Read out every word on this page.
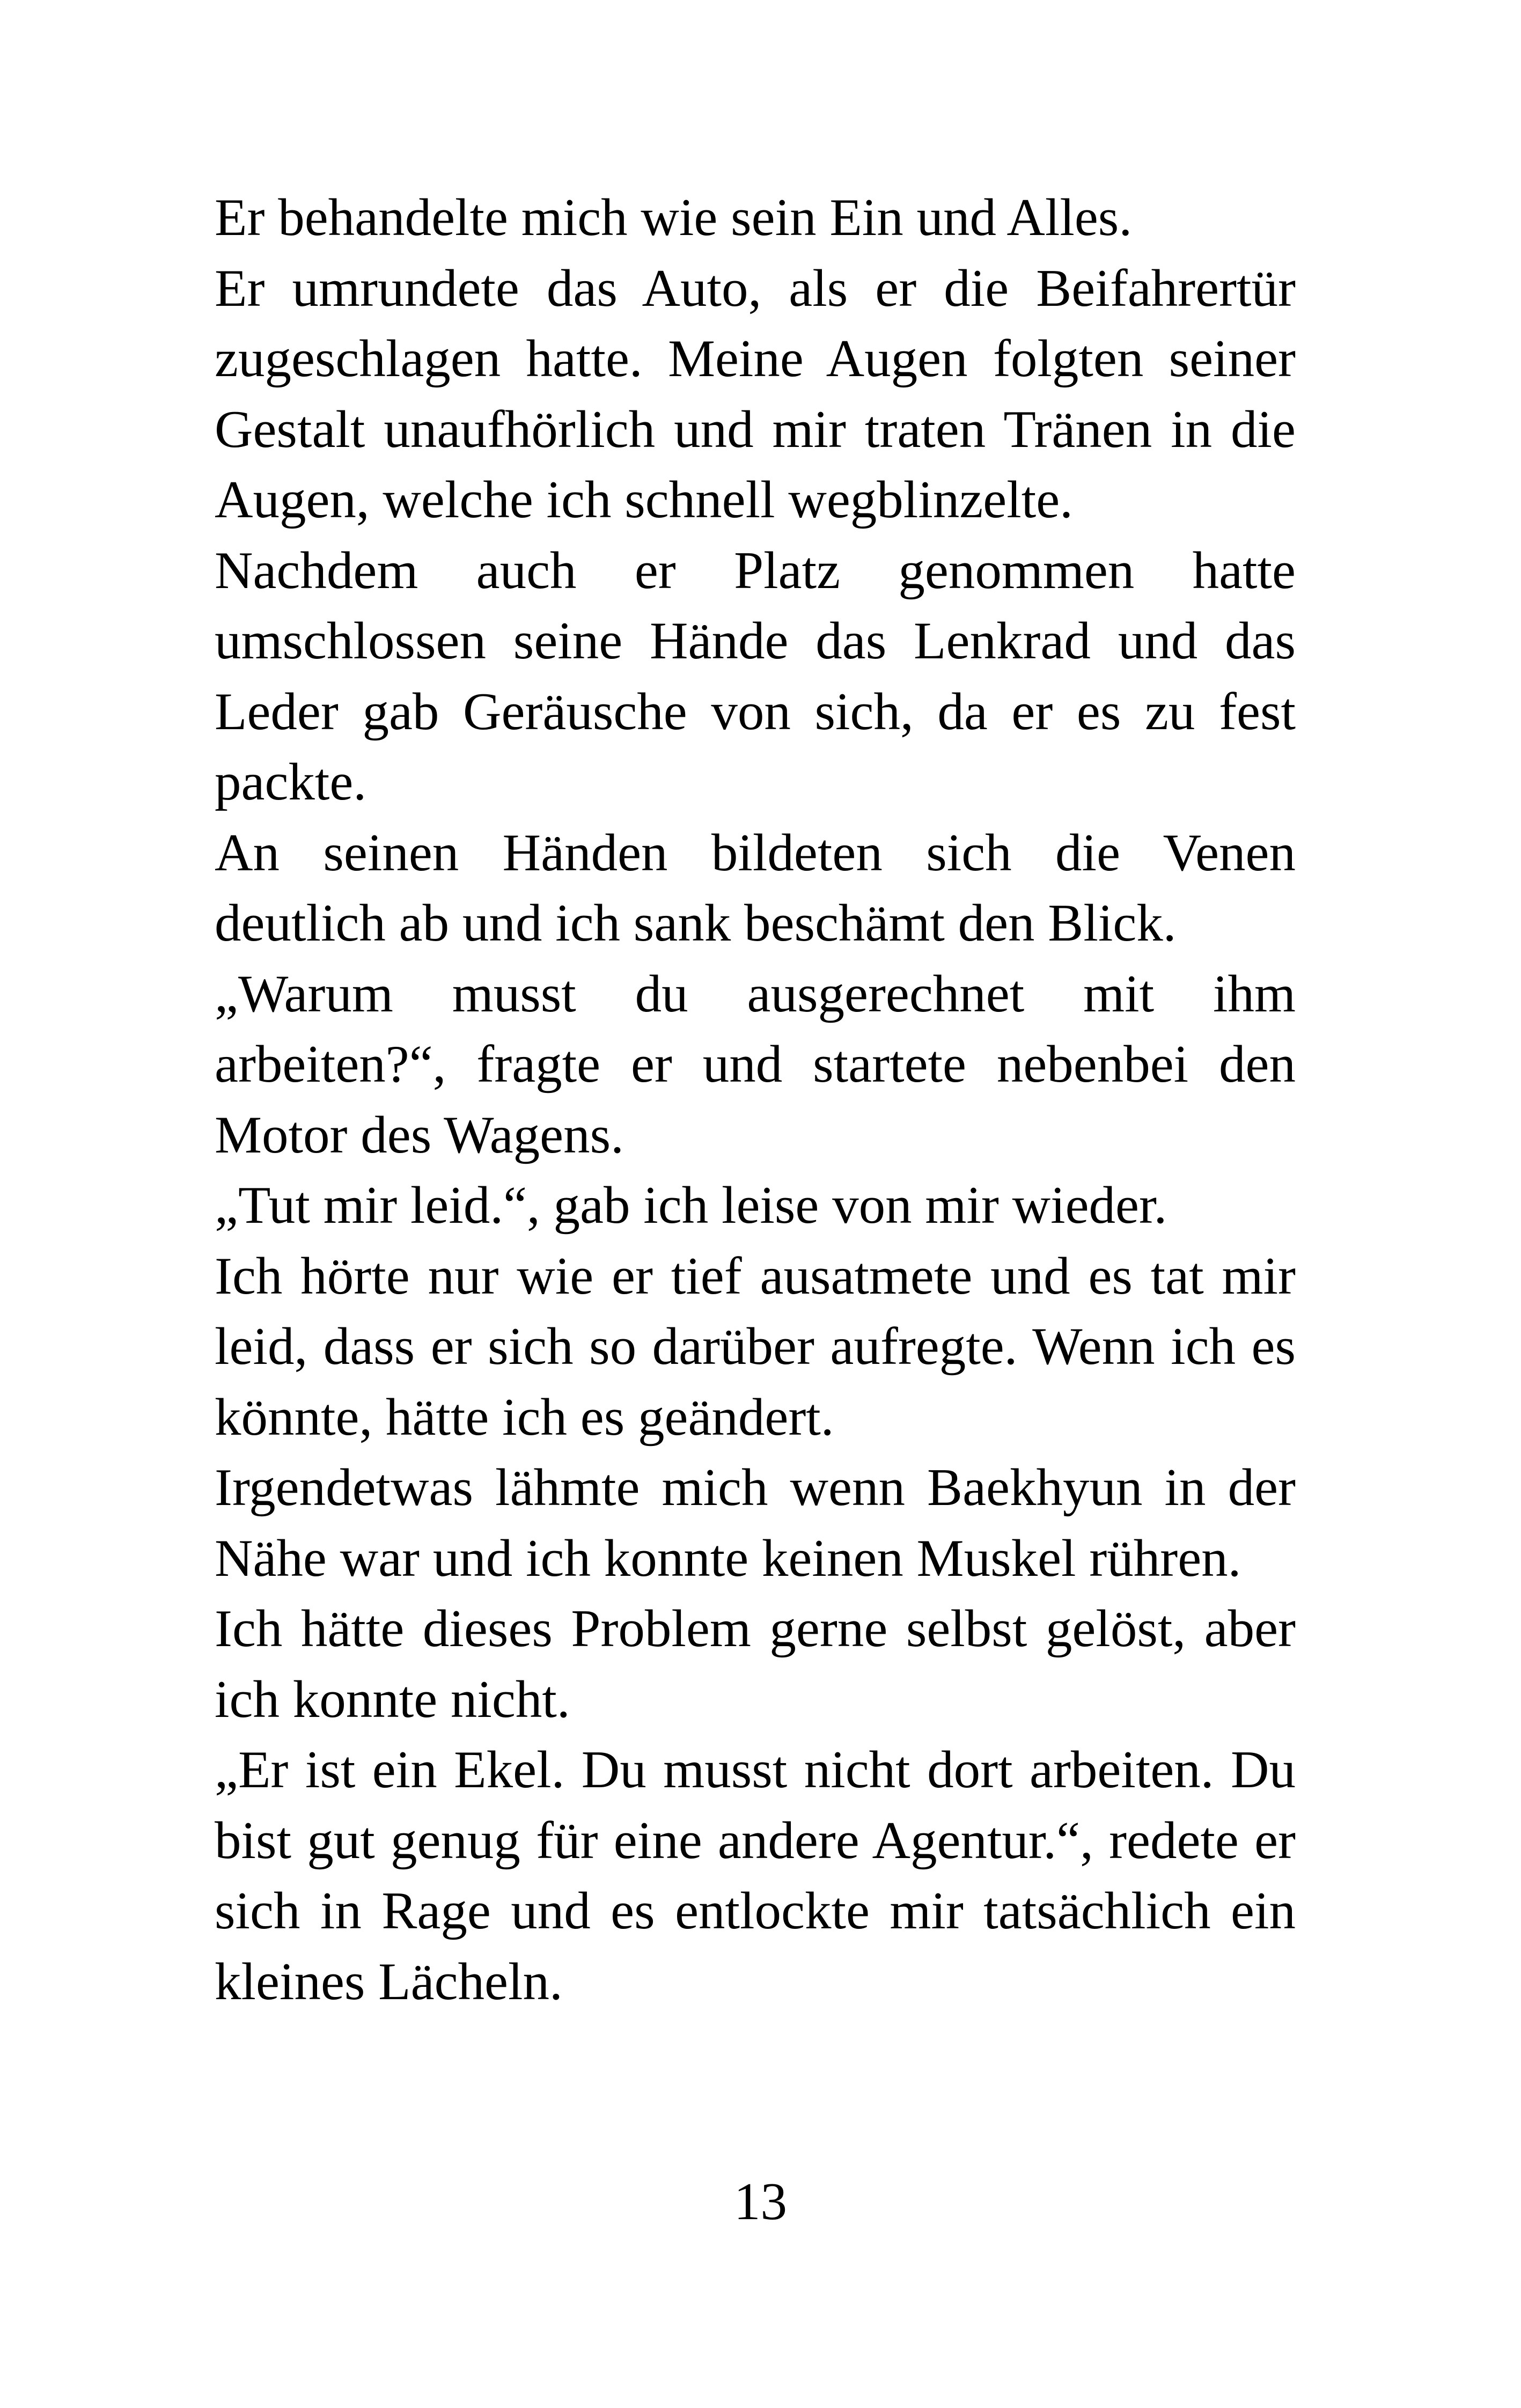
Er behandelte mich wie sein Ein und Alles.

Er umrundete das Auto, als er die Beifahrertür zugeschlagen hatte. Meine Augen folgten seiner Gestalt unaufhörlich und mir traten Tränen in die Augen, welche ich schnell wegblinzelte.

Nachdem auch er Platz genommen hatte umschlossen seine Hände das Lenkrad und das Leder gab Geräusche von sich, da er es zu fest packte.

An seinen Händen bildeten sich die Venen deutlich ab und ich sank beschämt den Blick.

„Warum musst du ausgerechnet mit ihm arbeiten?“, fragte er und startete nebenbei den Motor des Wagens.

„Tut mir leid.“, gab ich leise von mir wieder.

Ich hörte nur wie er tief ausatmete und es tat mir leid, dass er sich so darüber aufregte. Wenn ich es könnte, hätte ich es geändert.

Irgendetwas lähmte mich wenn Baekhyun in der Nähe war und ich konnte keinen Muskel rühren.

Ich hätte dieses Problem gerne selbst gelöst, aber ich konnte nicht.

„Er ist ein Ekel. Du musst nicht dort arbeiten. Du bist gut genug für eine andere Agentur.“, redete er sich in Rage und es entlockte mir tatsächlich ein kleines Lächeln.

13
